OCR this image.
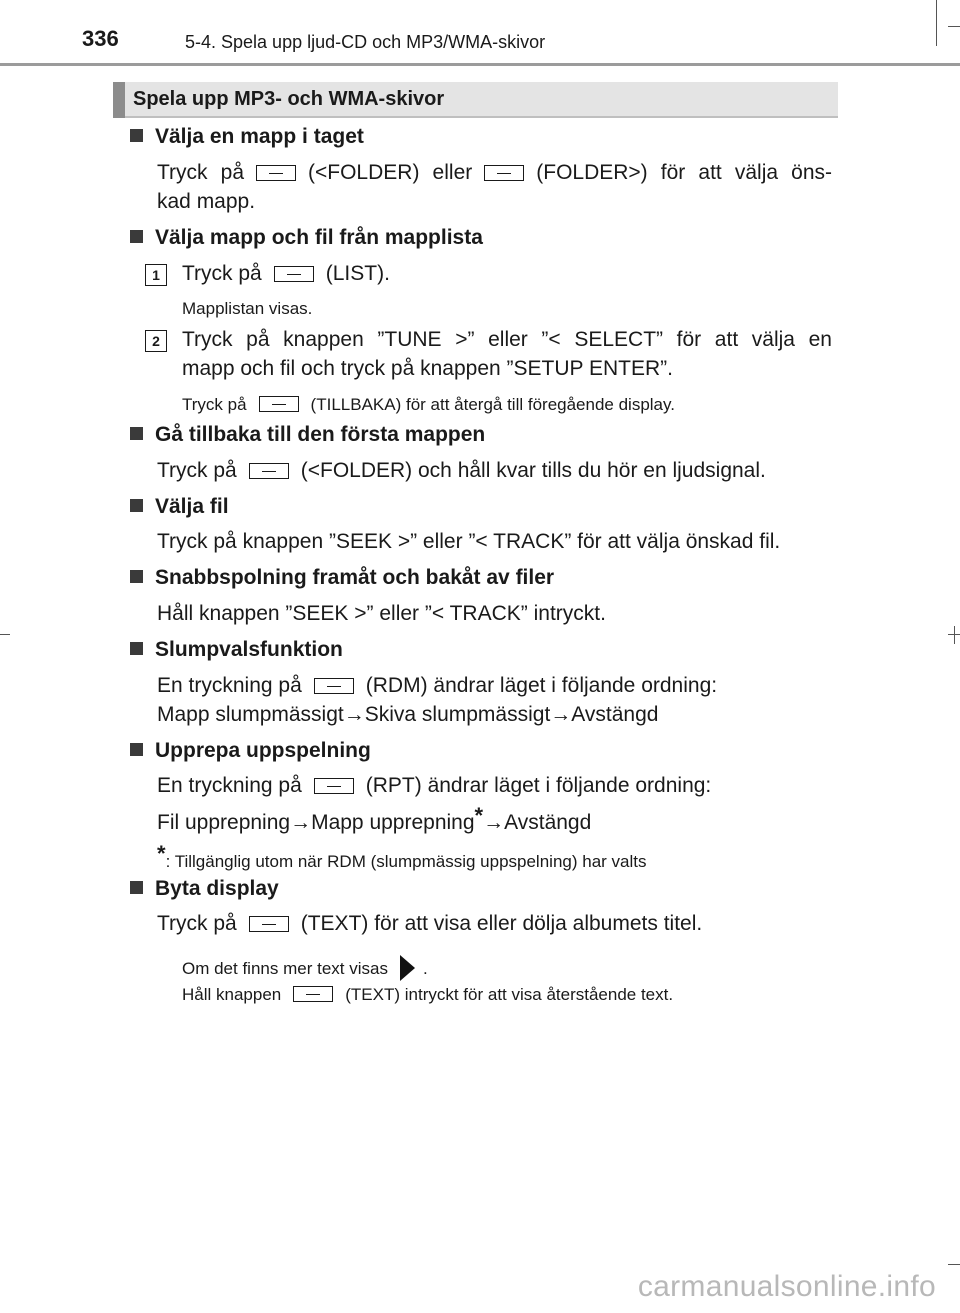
336	5-4. Spela upp ljud-CD och MP3/WMA-skivor
Spela upp MP3- och WMA-skivor
Välja en mapp i taget
Tryck på	(<FOLDER) eller	(FOLDER>) för att välja öns-
kad mapp.
Välja mapp och fil från mapplista
1	Tryck på	(LIST).
Mapplistan visas.
2	Tryck på knappen ”TUNE >” eller ”< SELECT” för att välja en
mapp och fil och tryck på knappen ”SETUP ENTER”.
Tryck på	(TILLBAKA) för att återgå till föregående display.
Gå tillbaka till den första mappen
Tryck på	(<FOLDER) och håll kvar tills du hör en ljudsignal.
Välja fil
Tryck på knappen ”SEEK >” eller ”< TRACK” för att välja önskad fil.
Snabbspolning framåt och bakåt av filer
Håll knappen ”SEEK >” eller ”< TRACK” intryckt.
Slumpvalsfunktion
En tryckning på	(RDM) ändrar läget i följande ordning:
Mapp slumpmässigt→Skiva slumpmässigt→Avstängd
Upprepa uppspelning
En tryckning på	(RPT) ändrar läget i följande ordning:
Fil upprepning→Mapp upprepning*→Avstängd
*: Tillgänglig utom när RDM (slumpmässig uppspelning) har valts
Byta display
Tryck på	(TEXT) för att visa eller dölja albumets titel.
Om det finns mer text visas .
Håll knappen	(TEXT) intryckt för att visa återstående text.
carmanualsonline.info
